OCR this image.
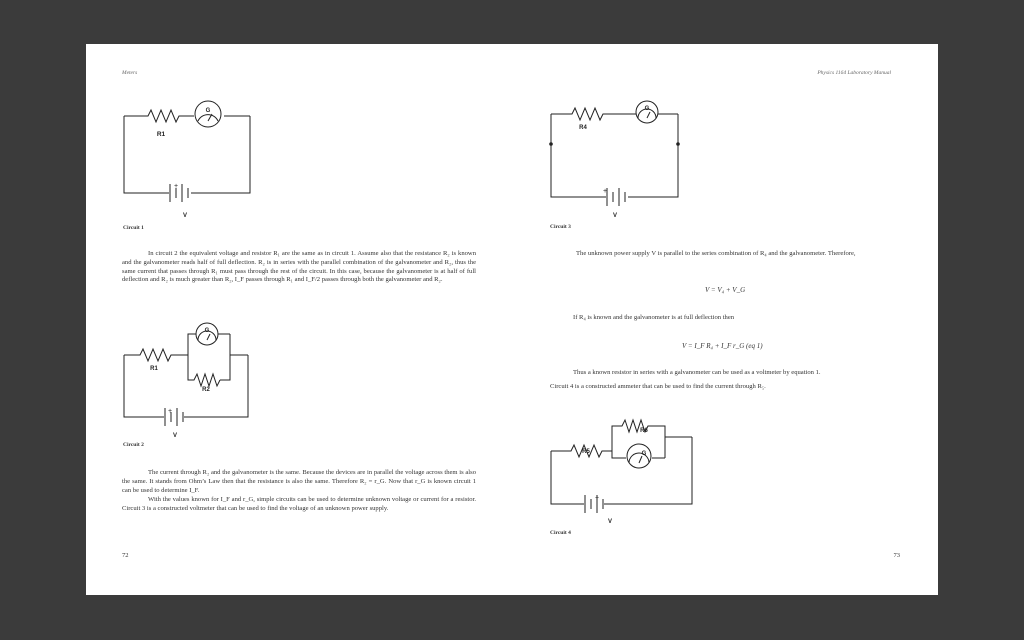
Meters
G
R1
+
V
Circuit 1

In circuit 2 the equivalent voltage and resistor R₁ are the same as in circuit 1. Assume also that the resistance R₂ is known and the galvanometer reads half of full deflection. R₂ is in series with the parallel combination of the galvanometer and R₂, thus the same current that passes through R₁ must pass through the rest of the circuit. In this case, because the galvanometer is at half of full deflection and R₂ is much greater than R₂, I_F passes through R₁ and I_F/2 passes through both the galvanometer and R₂.

G
R1
R2
+
V
Circuit 2

The current through R₂ and the galvanometer is the same. Because the devices are in parallel the voltage across them is also the same. It stands from Ohm’s Law then that the resistance is also the same. Therefore R₂ = r_G. Now that r_G is known circuit 1 can be used to determine I_F.

With the values known for I_F and r_G, simple circuits can be used to determine unknown voltage or current for a resistor. Circuit 3 is a constructed voltmeter that can be used to find the voltage of an unknown power supply.

72
Physics 1164 Laboratory Manual
G
R4
+
V
Circuit 3

The unknown power supply V is parallel to the series combination of R₄ and the galvanometer. Therefore,

V = V₄ + V_G
If R₄ is known and the galvanometer is at full deflection then
V = I_F R₄ + I_F r_G (eq 1)
Thus a known resistor in series with a galvanometer can be used as a voltmeter by equation 1.
Circuit 4 is a constructed ammeter that can be used to find the current through R₅.
G
R5
R6
+
V
Circuit 4
73
